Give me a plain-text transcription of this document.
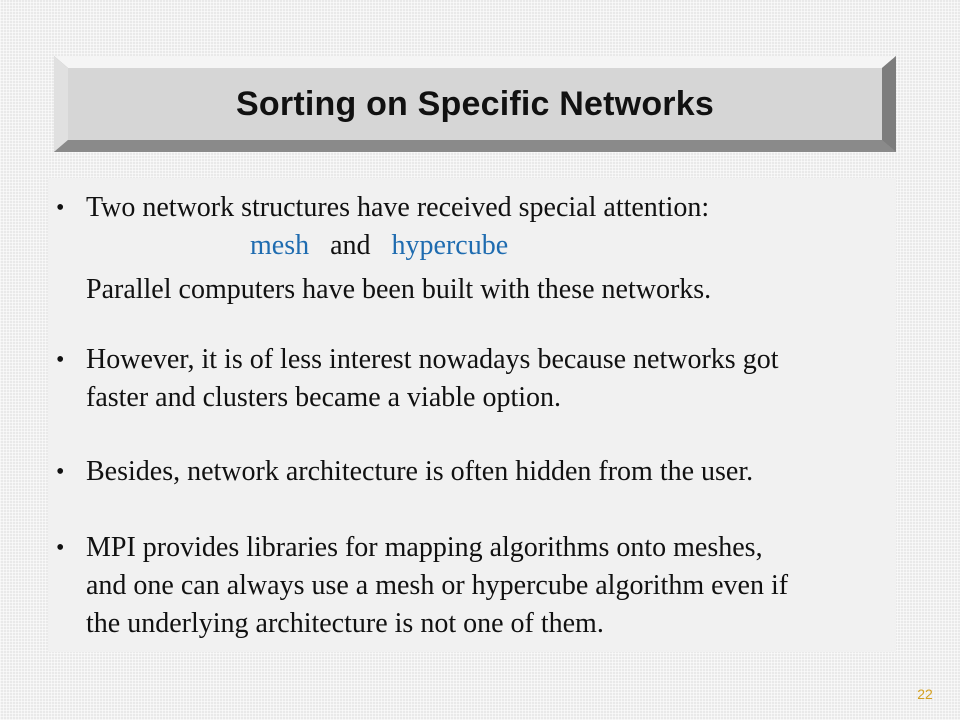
Sorting on Specific Networks
• Two network structures have received special attention:
mesh and hypercube
Parallel computers have been built with these networks.
• However, it is of less interest nowadays because networks got
faster and clusters became a viable option.
• Besides, network architecture is often hidden from the user.
• MPI provides libraries for mapping algorithms onto meshes,
and one can always use a mesh or hypercube algorithm even if
the underlying architecture is not one of them.
22
